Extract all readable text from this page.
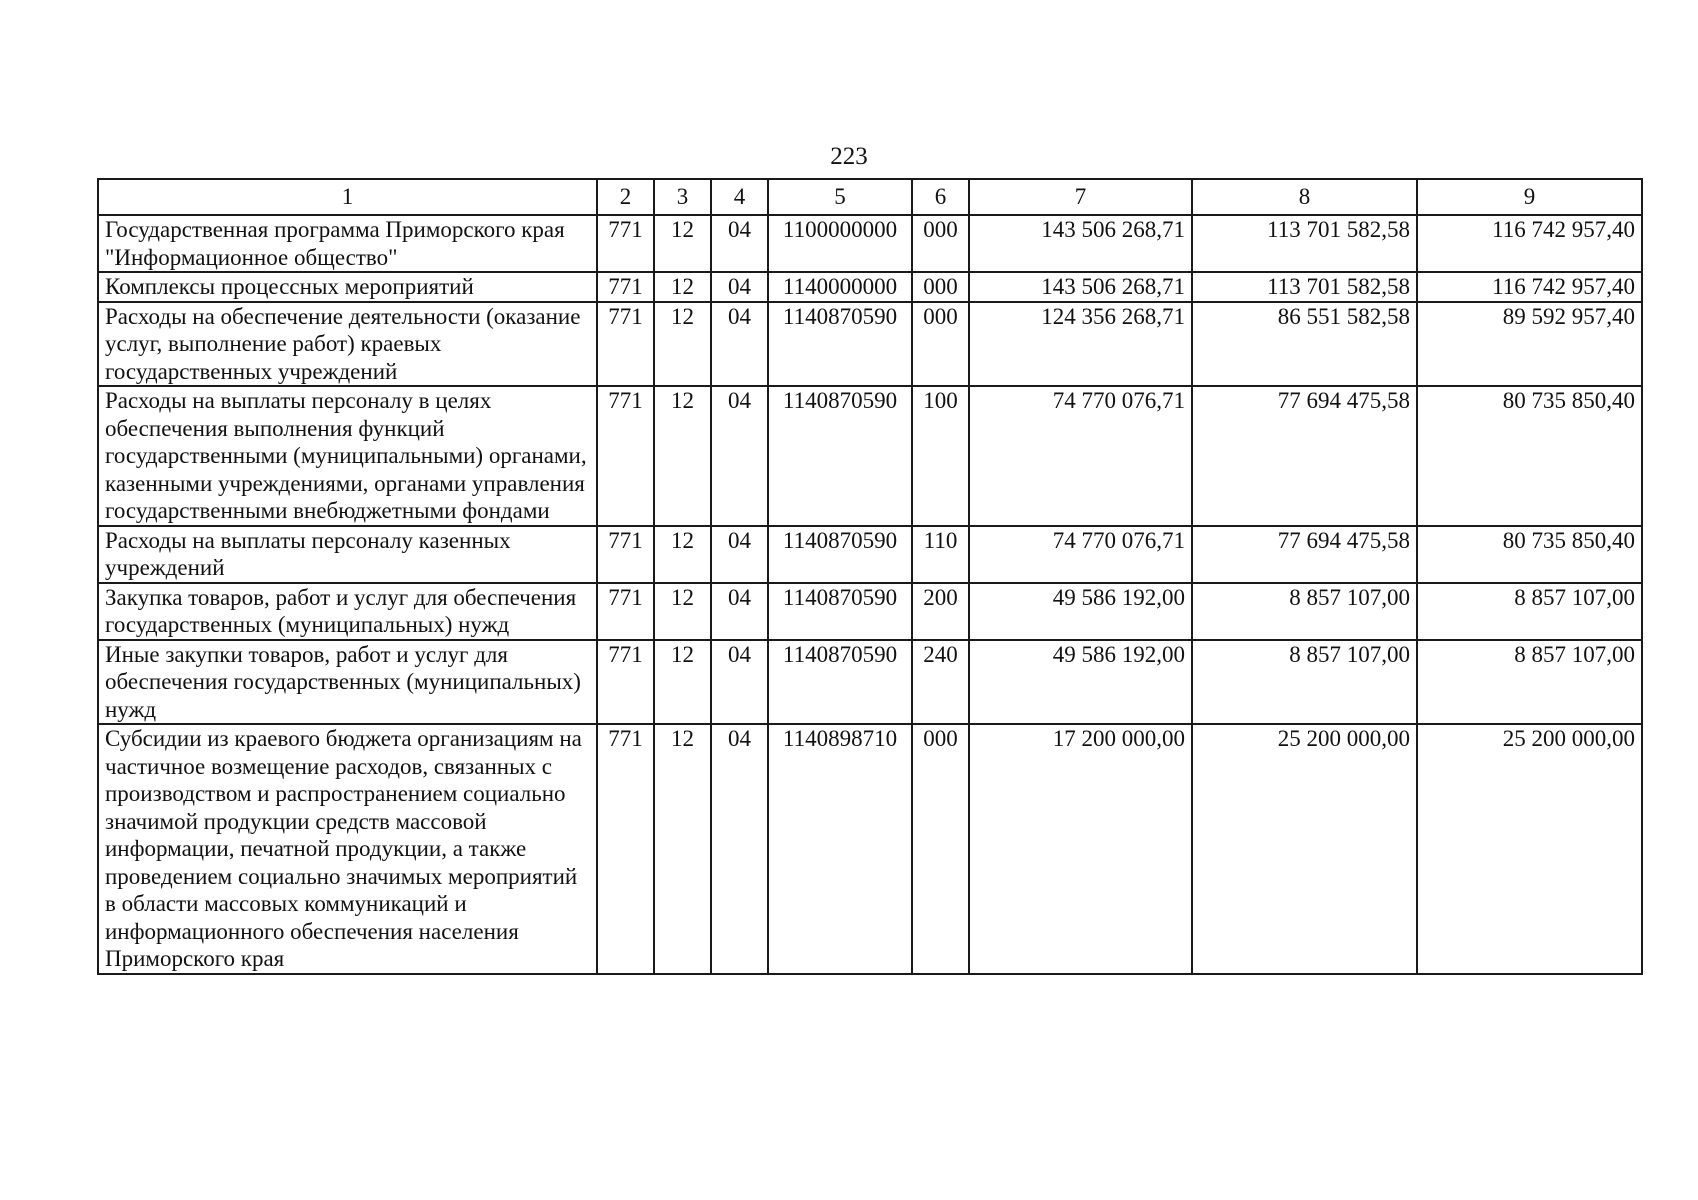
223
1	2	3	4	5	6	7	8	9
Государственная программа Приморского края "Информационное общество"	771	12	04	1100000000	000	143 506 268,71	113 701 582,58	116 742 957,40
Комплексы процессных мероприятий	771	12	04	1140000000	000	143 506 268,71	113 701 582,58	116 742 957,40
Расходы на обеспечение деятельности (оказание услуг, выполнение работ) краевых государственных учреждений	771	12	04	1140870590	000	124 356 268,71	86 551 582,58	89 592 957,40
Расходы на выплаты персоналу в целях обеспечения выполнения функций государственными (муниципальными) органами, казенными учреждениями, органами управления государственными внебюджетными фондами	771	12	04	1140870590	100	74 770 076,71	77 694 475,58	80 735 850,40
Расходы на выплаты персоналу казенных учреждений	771	12	04	1140870590	110	74 770 076,71	77 694 475,58	80 735 850,40
Закупка товаров, работ и услуг для обеспечения государственных (муниципальных) нужд	771	12	04	1140870590	200	49 586 192,00	8 857 107,00	8 857 107,00
Иные закупки товаров, работ и услуг для обеспечения государственных (муниципальных) нужд	771	12	04	1140870590	240	49 586 192,00	8 857 107,00	8 857 107,00
Субсидии из краевого бюджета организациям на частичное возмещение расходов, связанных с производством и распространением социально значимой продукции средств массовой информации, печатной продукции, а также проведением социально значимых мероприятий в области массовых коммуникаций и информационного обеспечения населения Приморского края	771	12	04	1140898710	000	17 200 000,00	25 200 000,00	25 200 000,00
